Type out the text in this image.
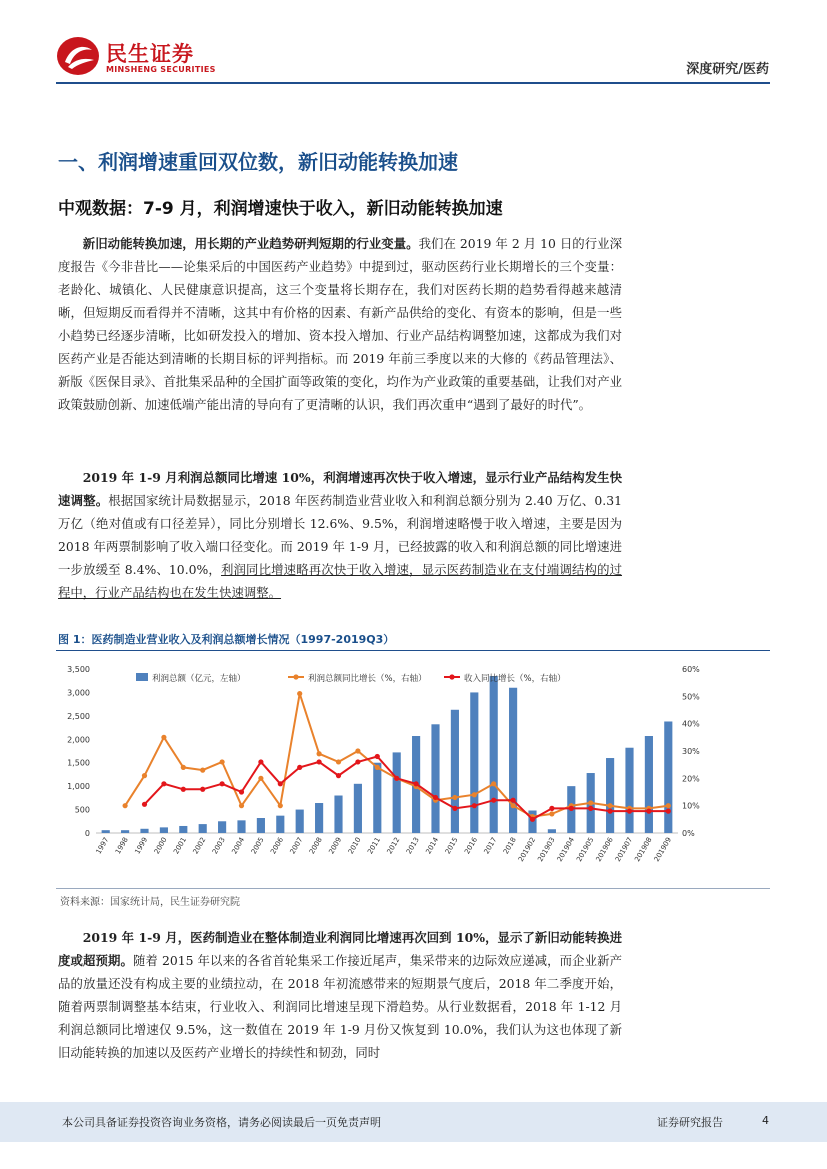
民生证券
MINSHENG SECURITIES	深度研究/医药
一、利润增速重回双位数，新旧动能转换加速
中观数据：7-9 月，利润增速快于收入，新旧动能转换加速
新旧动能转换加速，用长期的产业趋势研判短期的行业变量。我们在 2019 年 2 月 10 日的行业深度报告《今非昔比——论集采后的中国医药产业趋势》中提到过，驱动医药行业长期增长的三个变量：老龄化、城镇化、人民健康意识提高，这三个变量将长期存在，我们对医药长期的趋势看得越来越清晰，但短期反而看得并不清晰，这其中有价格的因素、有新产品供给的变化、有资本的影响，但是一些小趋势已经逐步清晰，比如研发投入的增加、资本投入增加、行业产品结构调整加速，这都成为我们对医药产业是否能达到清晰的长期目标的评判指标。而 2019 年前三季度以来的大修的《药品管理法》、新版《医保目录》、首批集采品种的全国扩面等政策的变化，均作为产业政策的重要基础，让我们对产业政策鼓励创新、加速低端产能出清的导向有了更清晰的认识，我们再次重申“遇到了最好的时代”。
2019 年 1-9 月利润总额同比增速 10%，利润增速再次快于收入增速，显示行业产品结构发生快速调整。根据国家统计局数据显示，2018 年医药制造业营业收入和利润总额分别为 2.40 万亿、0.31 万亿（绝对值或有口径差异），同比分别增长 12.6%、9.5%，利润增速略慢于收入增速，主要是因为 2018 年两票制影响了收入端口径变化。而 2019 年 1-9 月，已经披露的收入和利润总额的同比增速进一步放缓至 8.4%、10.0%，利润同比增速略再次快于收入增速，显示医药制造业在支付端调结构的过程中，行业产品结构也在发生快速调整。
图 1：医药制造业营业收入及利润总额增长情况（1997-2019Q3）
0
500
1,000
1,500
2,000
2,500
3,000
3,500
0%
10%
20%
30%
40%
50%
60%
1997 1998 1999 2000 2001 2002 2003 2004 2005 2006 2007 2008 2009 2010 2011 2012 2013 2014 2015 2016 2017 2018 201902 201903 201904 201905 201906 201907 201908 201909
利润总额（亿元，左轴）	利润总额同比增长（%，右轴）	收入同比增长（%，右轴）
资料来源：国家统计局，民生证券研究院
2019 年 1-9 月，医药制造业在整体制造业利润同比增速再次回到 10%，显示了新旧动能转换进度或超预期。随着 2015 年以来的各省首轮集采工作接近尾声，集采带来的边际效应递减，而企业新产品的放量还没有构成主要的业绩拉动，在 2018 年初流感带来的短期景气度后，2018 年二季度开始，随着两票制调整基本结束，行业收入、利润同比增速呈现下滑趋势。从行业数据看，2018 年 1-12 月利润总额同比增速仅 9.5%，这一数值在 2019 年 1-9 月份又恢复到 10.0%，我们认为这也体现了新旧动能转换的加速以及医药产业增长的持续性和韧劲，同时
本公司具备证券投资咨询业务资格，请务必阅读最后一页免责声明	证券研究报告	4
